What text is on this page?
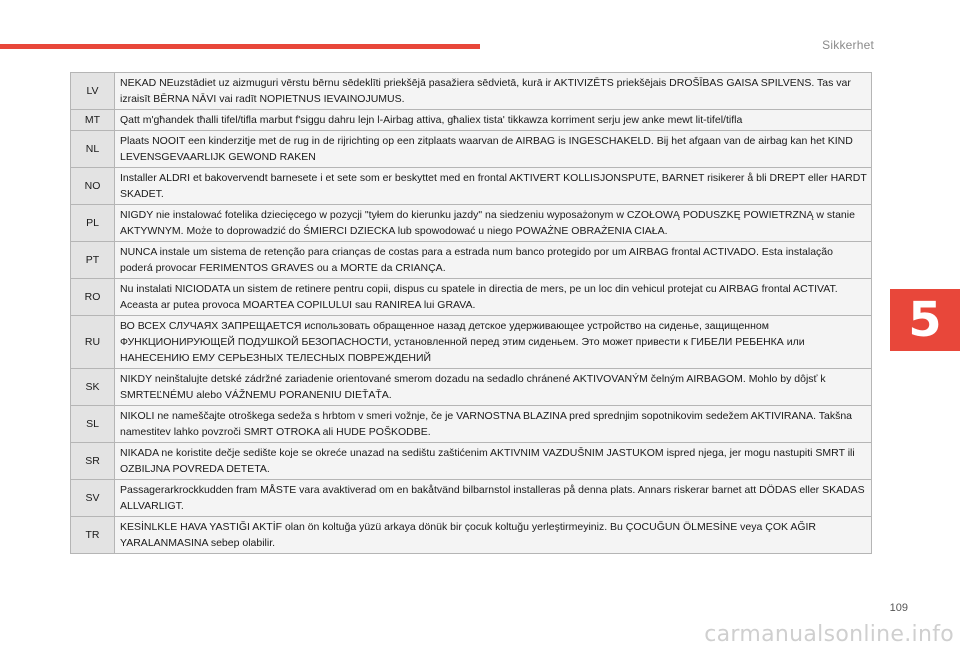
Sikkerhet
LV	NEKAD NEuzstādiet uz aizmuguri vērstu bērnu sēdeklīti priekšējā pasažiera sēdvietā, kurā ir AKTIVIZĒTS priekšējais DROŠĪBAS GAISA SPILVENS. Tas var izraisīt BĒRNA NĀVI vai radīt NOPIETNUS IEVAINOJUMUS.
MT	Qatt m'għandek tħalli tifel/tifla marbut f'siggu dahru lejn l-Airbag attiva, għaliex tista' tikkawza korriment serju jew anke mewt lit-tifel/tifla
NL	Plaats NOOIT een kinderzitje met de rug in de rijrichting op een zitplaats waarvan de AIRBAG is INGESCHAKELD. Bij het afgaan van de airbag kan het KIND LEVENSGEVAARLIJK GEWOND RAKEN
NO	Installer ALDRI et bakovervendt barnesete i et sete som er beskyttet med en frontal AKTIVERT KOLLISJONSPUTE, BARNET risikerer å bli DREPT eller HARDT SKADET.
PL	NIGDY nie instalować fotelika dziecięcego w pozycji "tyłem do kierunku jazdy" na siedzeniu wyposażonym w CZOŁOWĄ PODUSZKĘ POWIETRZNĄ w stanie AKTYWNYM. Może to doprowadzić do ŚMIERCI DZIECKA lub spowodować u niego POWAŻNE OBRAŻENIA CIAŁA.
PT	NUNCA instale um sistema de retenção para crianças de costas para a estrada num banco protegido por um AIRBAG frontal ACTIVADO. Esta instalação poderá provocar FERIMENTOS GRAVES ou a MORTE da CRIANÇA.
RO	Nu instalati NICIODATA un sistem de retinere pentru copii, dispus cu spatele in directia de mers, pe un loc din vehicul protejat cu AIRBAG frontal ACTIVAT. Aceasta ar putea provoca MOARTEA COPILULUI sau RANIREA lui GRAVA.
RU	ВО ВСЕХ СЛУЧАЯХ ЗАПРЕЩАЕТСЯ использовать обращенное назад детское удерживающее устройство на сиденье, защищенном ФУНКЦИОНИРУЮЩЕЙ ПОДУШКОЙ БЕЗОПАСНОСТИ, установленной перед этим сиденьем. Это может привести к ГИБЕЛИ РЕБЕНКА или НАНЕСЕНИЮ ЕМУ СЕРЬЕЗНЫХ ТЕЛЕСНЫХ ПОВРЕЖДЕНИЙ
SK	NIKDY neinštalujte detské zádržné zariadenie orientované smerom dozadu na sedadlo chránené AKTIVOVANÝM čelným AIRBAGOM. Mohlo by dôjsť k SMRTEĽNÉMU alebo VÁŽNEMU PORANENIU DIEŤAŤA.
SL	NIKOLI ne nameščajte otroškega sedeža s hrbtom v smeri vožnje, če je VARNOSTNA BLAZINA pred sprednjim sopotnikovim sedežem AKTIVIRANA. Takšna namestitev lahko povzroči SMRT OTROKA ali HUDE POŠKODBE.
SR	NIKADA ne koristite dečje sedište koje se okreće unazad na sedištu zaštićenim AKTIVNIM VAZDUŠNIM JASTUKOM ispred njega, jer mogu nastupiti SMRT ili OZBILJNA POVREDA DETETA.
SV	Passagerarkrockkudden fram MÅSTE vara avaktiverad om en bakåtvänd bilbarnstol installeras på denna plats. Annars riskerar barnet att DÖDAS eller SKADAS ALLVARLIGT.
TR	KESİNLKLE HAVA YASTIĞI AKTİF olan ön koltuğa yüzü arkaya dönük bir çocuk koltuğu yerleştirmeyiniz. Bu ÇOCUĞUN ÖLMESİNE veya ÇOK AĞIR YARALANMASINA sebep olabilir.
5
109
carmanualsonline.info
